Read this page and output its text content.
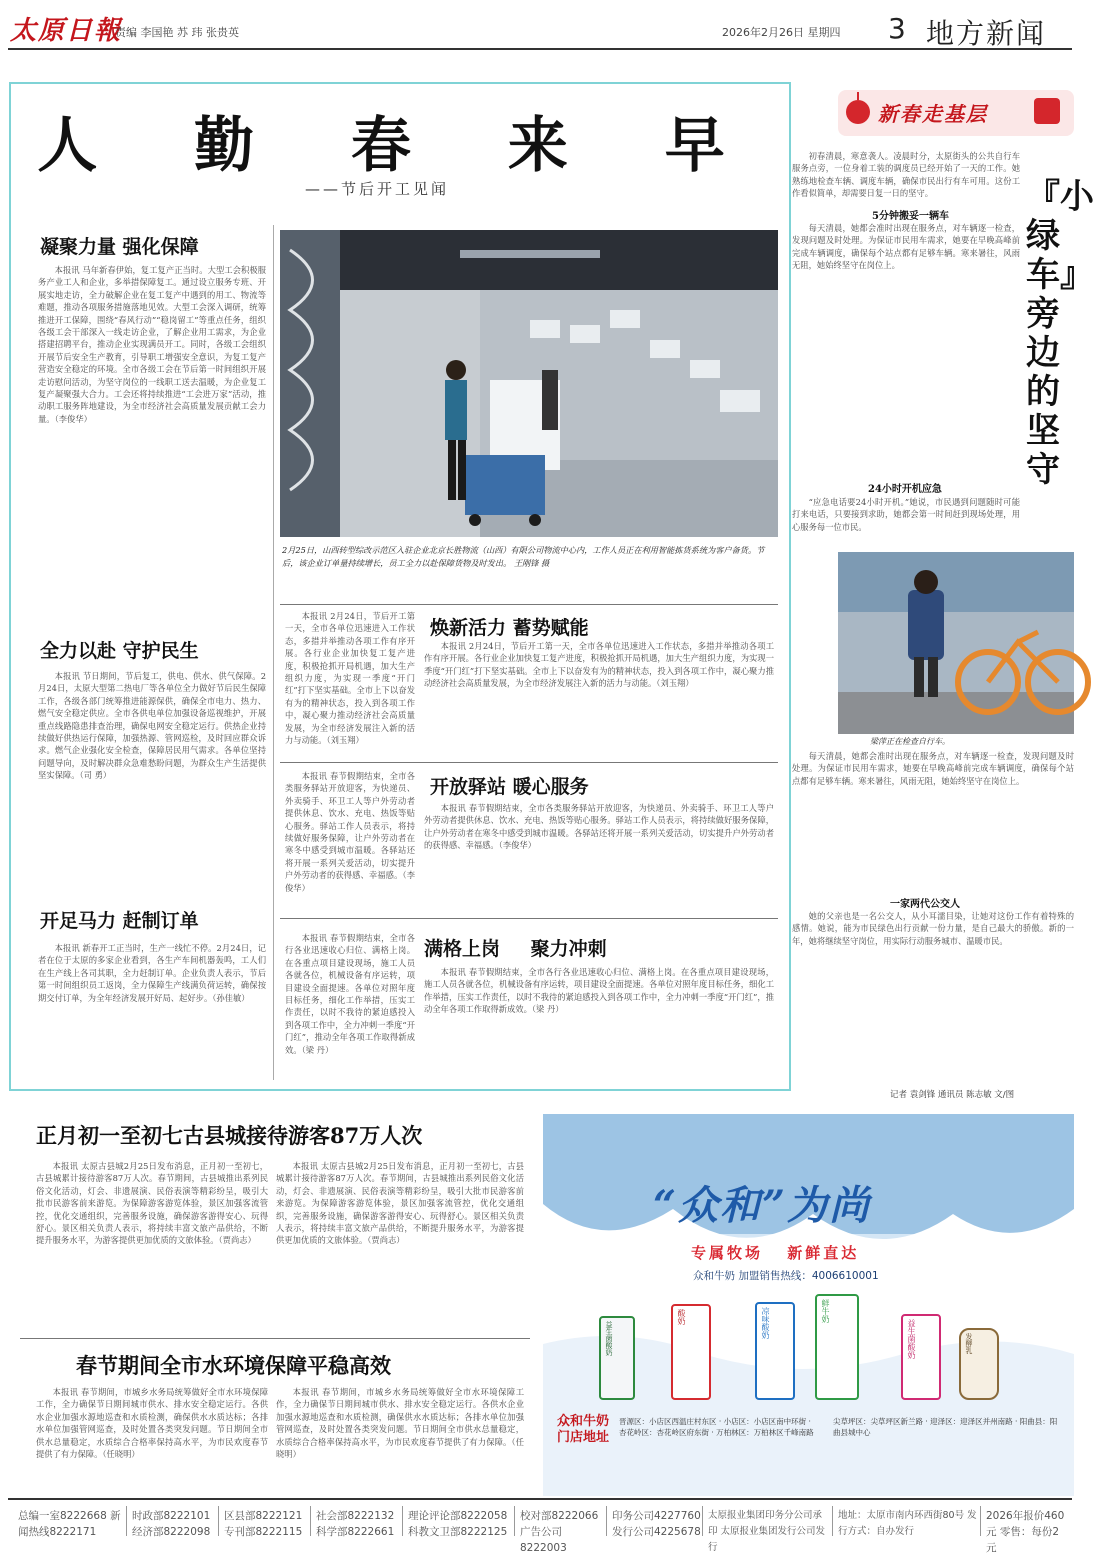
太原日報
责编 李国艳 苏 玮 张贵英	2026年2月26日 星期四 3 地方新闻
人 勤 春 来 早
——节后开工见闻
凝聚力量 强化保障

本报讯 马年新春伊始，复工复产正当时。大型工会积极服务产业工人和企业，多举措保障复工。通过设立服务专班、开展实地走访，全力破解企业在复工复产中遇到的用工、物流等难题，推动各项服务措施落地见效。大型工会深入调研，统筹推进开工保障，围绕“春风行动”“稳岗留工”等重点任务，组织各级工会干部深入一线走访企业，了解企业用工需求，为企业搭建招聘平台，推动企业实现满员开工。同时，各级工会组织开展节后安全生产教育，引导职工增强安全意识，为复工复产营造安全稳定的环境。全市各级工会在节后第一时间组织开展走访慰问活动，为坚守岗位的一线职工送去温暖，为企业复工复产凝聚强大合力。工会还将持续推进“工会进万家”活动，推动职工服务阵地建设，为全市经济社会高质量发展贡献工会力量。（李俊华）

全力以赴 守护民生

本报讯 节日期间，节后复工，供电、供水、供气保障。2月24日，太原大型第二热电厂等各单位全力做好节后民生保障工作，各级各部门统筹推进能源保供，确保全市电力、热力、燃气安全稳定供应。全市各供电单位加强设备巡视维护，开展重点线路隐患排查治理，确保电网安全稳定运行。供热企业持续做好供热运行保障，加强热源、管网巡检，及时回应群众诉求。燃气企业强化安全检查，保障居民用气需求。各单位坚持问题导向，及时解决群众急难愁盼问题，为群众生产生活提供坚实保障。（司 勇）

开足马力 赶制订单

本报讯 新春开工正当时，生产一线忙不停。2月24日，记者在位于太原的多家企业看到，各生产车间机器轰鸣，工人们在生产线上各司其职，全力赶制订单。企业负责人表示，节后第一时间组织员工返岗，全力保障生产线满负荷运转，确保按期交付订单，为全年经济发展开好局、起好步。（孙佳敏）

2月25日，山西转型综改示范区入驻企业北京长胜物流（山西）有限公司物流中心内，工作人员正在利用智能拣货系统为客户备货。节后，该企业订单量持续增长，员工全力以赴保障货物及时发出。 王刚锋 摄
焕新活力 蓄势赋能

本报讯 2月24日，节后开工第一天，全市各单位迅速进入工作状态，多措并举推动各项工作有序开展。各行业企业加快复工复产进度，积极抢抓开局机遇，加大生产组织力度，为实现一季度“开门红”打下坚实基础。全市上下以奋发有为的精神状态，投入到各项工作中，凝心聚力推动经济社会高质量发展，为全市经济发展注入新的活力与动能。（刘玉翔）

本报讯 2月24日，节后开工第一天，全市各单位迅速进入工作状态，多措并举推动各项工作有序开展。各行业企业加快复工复产进度，积极抢抓开局机遇，加大生产组织力度，为实现一季度“开门红”打下坚实基础。全市上下以奋发有为的精神状态，投入到各项工作中，凝心聚力推动经济社会高质量发展，为全市经济发展注入新的活力与动能。（刘玉翔）

开放驿站 暖心服务

本报讯 春节假期结束，全市各类服务驿站开放迎客，为快递员、外卖骑手、环卫工人等户外劳动者提供休息、饮水、充电、热饭等贴心服务。驿站工作人员表示，将持续做好服务保障，让户外劳动者在寒冬中感受到城市温暖。各驿站还将开展一系列关爱活动，切实提升户外劳动者的获得感、幸福感。（李俊华）

本报讯 春节假期结束，全市各类服务驿站开放迎客，为快递员、外卖骑手、环卫工人等户外劳动者提供休息、饮水、充电、热饭等贴心服务。驿站工作人员表示，将持续做好服务保障，让户外劳动者在寒冬中感受到城市温暖。各驿站还将开展一系列关爱活动，切实提升户外劳动者的获得感、幸福感。（李俊华）

满格上岗 聚力冲刺

本报讯 春节假期结束，全市各行各业迅速收心归位、满格上岗。在各重点项目建设现场，施工人员各就各位，机械设备有序运转，项目建设全面提速。各单位对照年度目标任务，细化工作举措，压实工作责任，以时不我待的紧迫感投入到各项工作中，全力冲刺一季度“开门红”，推动全年各项工作取得新成效。（梁 丹）

本报讯 春节假期结束，全市各行各业迅速收心归位、满格上岗。在各重点项目建设现场，施工人员各就各位，机械设备有序运转，项目建设全面提速。各单位对照年度目标任务，细化工作举措，压实工作责任，以时不我待的紧迫感投入到各项工作中，全力冲刺一季度“开门红”，推动全年各项工作取得新成效。（梁 丹）

新春走基层
『小绿车』旁边的坚守

初春清晨，寒意袭人。凌晨时分，太原街头的公共自行车服务点旁，一位身着工装的调度员已经开始了一天的工作。她熟练地检查车辆、调度车辆，确保市民出行有车可用。这份工作看似简单，却需要日复一日的坚守。

5分钟搬妥一辆车

每天清晨，她都会准时出现在服务点，对车辆逐一检查，发现问题及时处理。为保证市民用车需求，她要在早晚高峰前完成车辆调度，确保每个站点都有足够车辆。寒来暑往，风雨无阻，她始终坚守在岗位上。

24小时开机应急

“应急电话要24小时开机。”她说，市民遇到问题随时可能打来电话，只要接到求助，她都会第一时间赶到现场处理，用心服务每一位市民。

梁萍正在检查自行车。

每天清晨，她都会准时出现在服务点，对车辆逐一检查，发现问题及时处理。为保证市民用车需求，她要在早晚高峰前完成车辆调度，确保每个站点都有足够车辆。寒来暑往，风雨无阻，她始终坚守在岗位上。

一家两代公交人

她的父亲也是一名公交人，从小耳濡目染，让她对这份工作有着特殊的感情。她说，能为市民绿色出行贡献一份力量，是自己最大的骄傲。新的一年，她将继续坚守岗位，用实际行动服务城市、温暖市民。

记者 袁剑锋 通讯员 陈志敏 文/图
正月初一至初七古县城接待游客87万人次

本报讯 太原古县城2月25日发布消息，正月初一至初七，古县城累计接待游客87万人次。春节期间，古县城推出系列民俗文化活动，灯会、非遗展演、民俗表演等精彩纷呈，吸引大批市民游客前来游览。为保障游客游览体验，景区加强客流管控，优化交通组织，完善服务设施，确保游客游得安心、玩得舒心。景区相关负责人表示，将持续丰富文旅产品供给，不断提升服务水平，为游客提供更加优质的文旅体验。（贾尚志）

本报讯 太原古县城2月25日发布消息，正月初一至初七，古县城累计接待游客87万人次。春节期间，古县城推出系列民俗文化活动，灯会、非遗展演、民俗表演等精彩纷呈，吸引大批市民游客前来游览。为保障游客游览体验，景区加强客流管控，优化交通组织，完善服务设施，确保游客游得安心、玩得舒心。景区相关负责人表示，将持续丰富文旅产品供给，不断提升服务水平，为游客提供更加优质的文旅体验。（贾尚志）

春节期间全市水环境保障平稳高效

本报讯 春节期间，市城乡水务局统筹做好全市水环境保障工作，全力确保节日期间城市供水、排水安全稳定运行。各供水企业加强水源地巡查和水质检测，确保供水水质达标；各排水单位加强管网巡查，及时处置各类突发问题。节日期间全市供水总量稳定，水质综合合格率保持高水平，为市民欢度春节提供了有力保障。（任晓明）

本报讯 春节期间，市城乡水务局统筹做好全市水环境保障工作，全力确保节日期间城市供水、排水安全稳定运行。各供水企业加强水源地巡查和水质检测，确保供水水质达标；各排水单位加强管网巡查，及时处置各类突发问题。节日期间全市供水总量稳定，水质综合合格率保持高水平，为市民欢度春节提供了有力保障。（任晓明）

“众和”为尚
专属牧场 新鲜直达
众和牛奶 加盟销售热线：4006610001
益生菌酸奶
酸奶	凉味酸奶	鲜牛奶
益生菌酸奶	发酵乳
众和牛奶门店地址
晋源区：小店区西温庄村东区 · 小店区：小店区南中环街 · 杏花岭区：杏花岭区府东街 · 万柏林区：万柏林区千峰南路
尖草坪区：尖草坪区新兰路 · 迎泽区：迎泽区并州南路 · 阳曲县：阳曲县城中心
总编一室8222668 新闻热线8222171
时政部8222101 经济部8222098
区县部8222121 专刊部8222115
社会部8222132 科学部8222661
理论评论部8222058 科教文卫部8222125
校对部8222066 广告公司8222003
印务公司4227760 发行公司4225678
太原报业集团印务分公司承印 太原报业集团发行公司发行
地址：太原市南内环西街80号 发行方式：自办发行
2026年报价460元 零售：每份2元
